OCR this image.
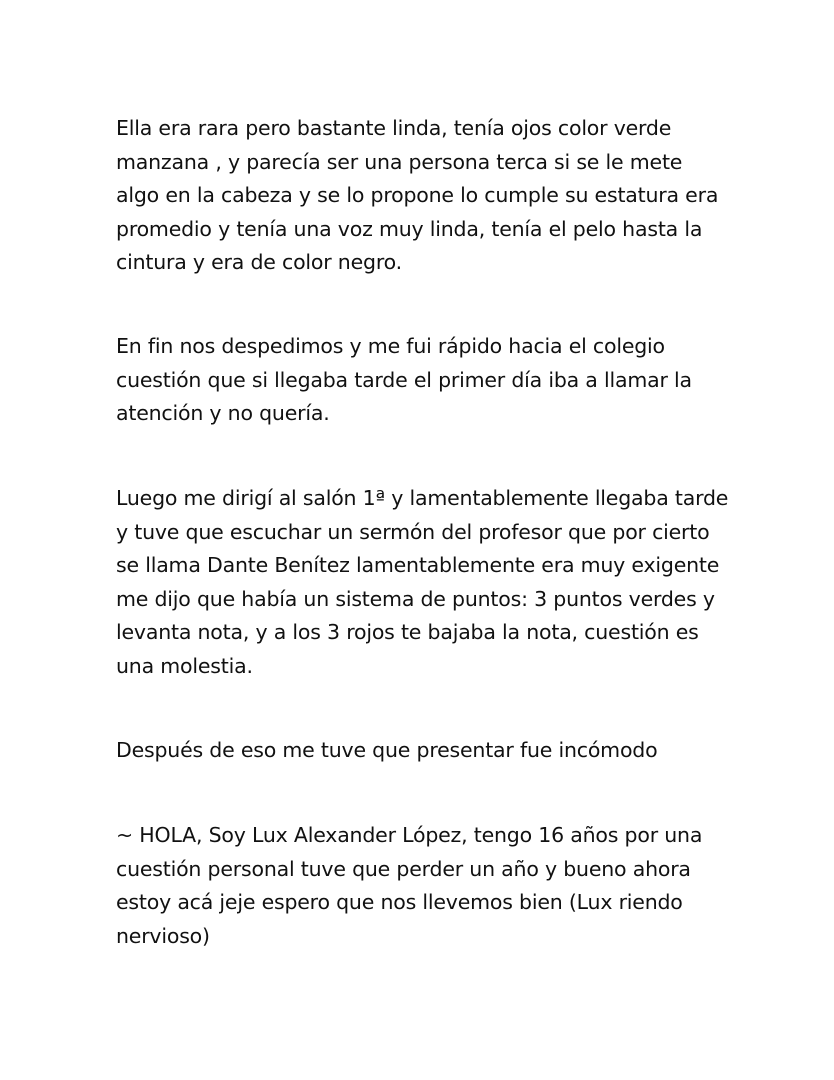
Ella era rara pero bastante linda, tenía ojos color verde
manzana , y parecía ser una persona terca si se le mete
algo en la cabeza y se lo propone lo cumple su estatura era
promedio y tenía una voz muy linda, tenía el pelo hasta la
cintura y era de color negro.
En fin nos despedimos y me fui rápido hacia el colegio
cuestión que si llegaba tarde el primer día iba a llamar la
atención y no quería.
Luego me dirigí al salón 1ª y lamentablemente llegaba tarde
y tuve que escuchar un sermón del profesor que por cierto
se llama Dante Benítez lamentablemente era muy exigente
me dijo que había un sistema de puntos: 3 puntos verdes y
levanta nota, y a los 3 rojos te bajaba la nota, cuestión es
una molestia.
Después de eso me tuve que presentar fue incómodo
~ HOLA, Soy Lux Alexander López, tengo 16 años por una
cuestión personal tuve que perder un año y bueno ahora
estoy acá jeje espero que nos llevemos bien (Lux riendo
nervioso)
